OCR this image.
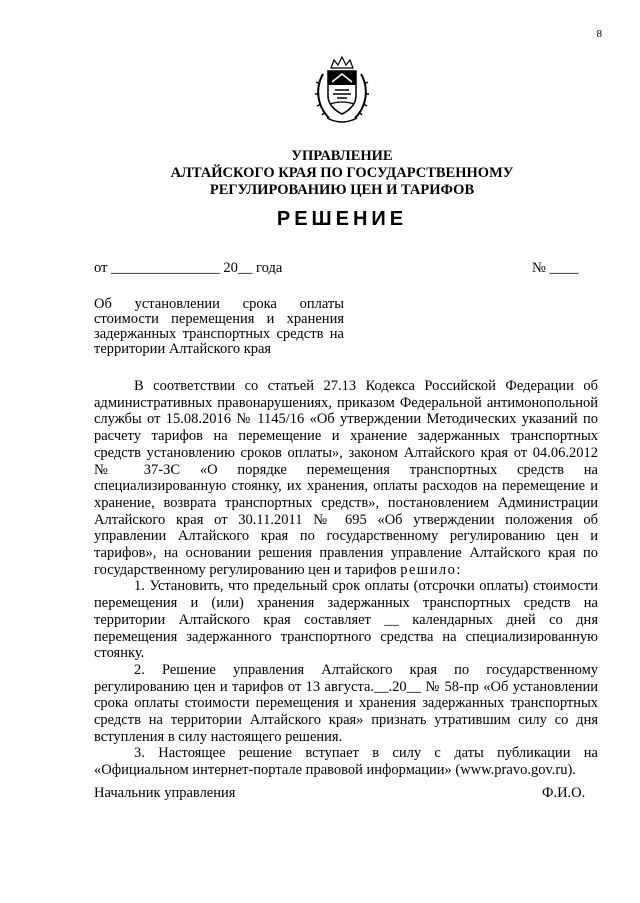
8
УПРАВЛЕНИЕ
АЛТАЙСКОГО КРАЯ ПО ГОСУДАРСТВЕННОМУ
РЕГУЛИРОВАНИЮ ЦЕН И ТАРИФОВ
РЕШЕНИЕ
от _______________ 20__ года	№ ____
Об установлении срока оплаты стоимости перемещения и хранения задержанных транспортных средств на территории Алтайского края

В соответствии со статьей 27.13 Кодекса Российской Федерации об административных правонарушениях, приказом Федеральной антимонопольной службы от 15.08.2016 № 1145/16 «Об утверждении Методических указаний по расчету тарифов на перемещение и хранение задержанных транспортных средств установлению сроков оплаты», законом Алтайского края от 04.06.2012 № 37-ЗС «О порядке перемещения транспортных средств на специализированную стоянку, их хранения, оплаты расходов на перемещение и хранение, возврата транспортных средств», постановлением Администрации Алтайского края от 30.11.2011 № 695 «Об утверждении положения об управлении Алтайского края по государственному регулированию цен и тарифов», на основании решения правления управление Алтайского края по государственному регулированию цен и тарифов решило:

1. Установить, что предельный срок оплаты (отсрочки оплаты) стоимости перемещения и (или) хранения задержанных транспортных средств на территории Алтайского края составляет __ календарных дней со дня перемещения задержанного транспортного средства на специализированную стоянку.

2. Решение управления Алтайского края по государственному регулированию цен и тарифов от 13 августа.__.20__ № 58-пр «Об установлении срока оплаты стоимости перемещения и хранения задержанных транспортных средств на территории Алтайского края» признать утратившим силу со дня вступления в силу настоящего решения.

3. Настоящее решение вступает в силу с даты публикации на «Официальном интернет-портале правовой информации» (www.pravo.gov.ru).

Начальник управления	Ф.И.О.
